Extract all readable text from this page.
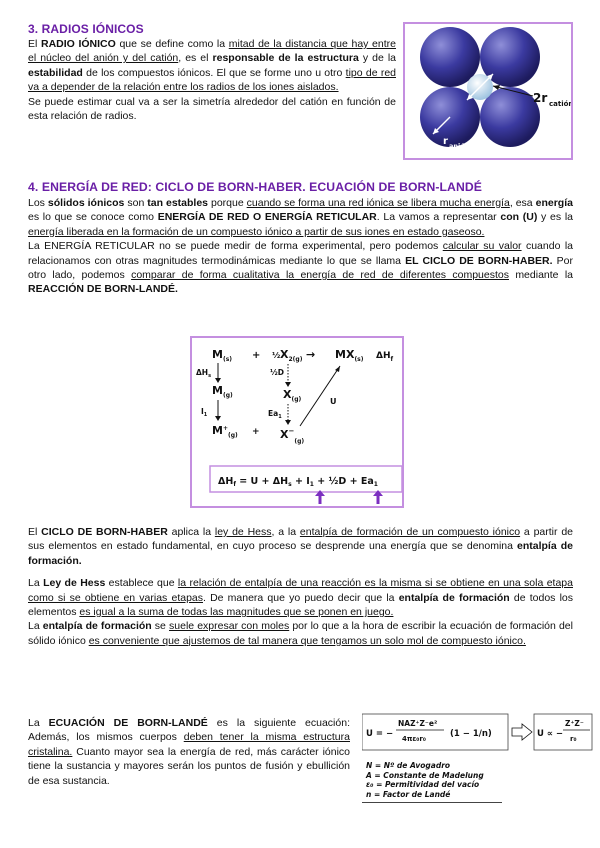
3. RADIOS IÓNICOS

El RADIO IÓNICO que se define como la mitad de la distancia que hay entre el núcleo del anión y del catión, es el responsable de la estructura y de la estabilidad de los compuestos iónicos. El que se forme uno u otro tipo de red va a depender de la relación entre los radios de los iones aislados.

Se puede estimar cual va a ser la simetría alrededor del catión en función de esta relación de radios.

2r catión
r anión
4. ENERGÍA DE RED: CICLO DE BORN-HABER. ECUACIÓN DE BORN-LANDÉ

Los sólidos iónicos son tan estables porque cuando se forma una red iónica se libera mucha energía, esa energía es lo que se conoce como ENERGÍA DE RED O ENERGÍA RETICULAR. La vamos a representar con (U) y es la energía liberada en la formación de un compuesto iónico a partir de sus iones en estado gaseoso.

La ENERGÍA RETICULAR no se puede medir de forma experimental, pero podemos calcular su valor cuando la relacionamos con otras magnitudes termodinámicas mediante lo que se llama EL CICLO DE BORN-HABER. Por otro lado, podemos comparar de forma cualitativa la energía de red de diferentes compuestos mediante la REACCIÓN DE BORN-LANDÉ.

$M_{(s)}$ + ½ $X_{2(g)} \to MX_{(s)}$ $\Delta H_f$
$\Delta H_s$
$M_{(g)}$
$I_1$
$M^+_{(g)}$ +
½D
$X_{(g)}$
$Ea_1$
$X^-_{(g)}$
U
$\Delta H_f = U + \Delta H_s + I_1$ + ½D + $Ea_1$

El CICLO DE BORN-HABER aplica la ley de Hess, a la entalpía de formación de un compuesto iónico a partir de sus elementos en estado fundamental, en cuyo proceso se desprende una energía que se denomina entalpía de formación.

La Ley de Hess establece que la relación de entalpía de una reacción es la misma si se obtiene en una sola etapa como si se obtiene en varias etapas. De manera que yo puedo decir que la entalpía de formación de todos los elementos es igual a la suma de todas las magnitudes que se ponen en juego.

La entalpía de formación se suele expresar con moles por lo que a la hora de escribir la ecuación de formación del sólido iónico es conveniente que ajustemos de tal manera que tengamos un solo mol de compuesto iónico.

La ECUACIÓN DE BORN-LANDÉ es la siguiente ecuación: Además, los mismos cuerpos deben tener la misma estructura cristalina. Cuanto mayor sea la energía de red, más carácter iónico tiene la sustancia y mayores serán los puntos de fusión y ebullición de esa sustancia.

U = −
NAZ⁺Z⁻e²
4πε₀r₀	(1 − 1/n)	U ∝ −
Z⁺Z⁻
r₀
N = Nº de Avogadro
A = Constante de Madelung
ε₀ = Permitividad del vacío
n = Factor de Landé
